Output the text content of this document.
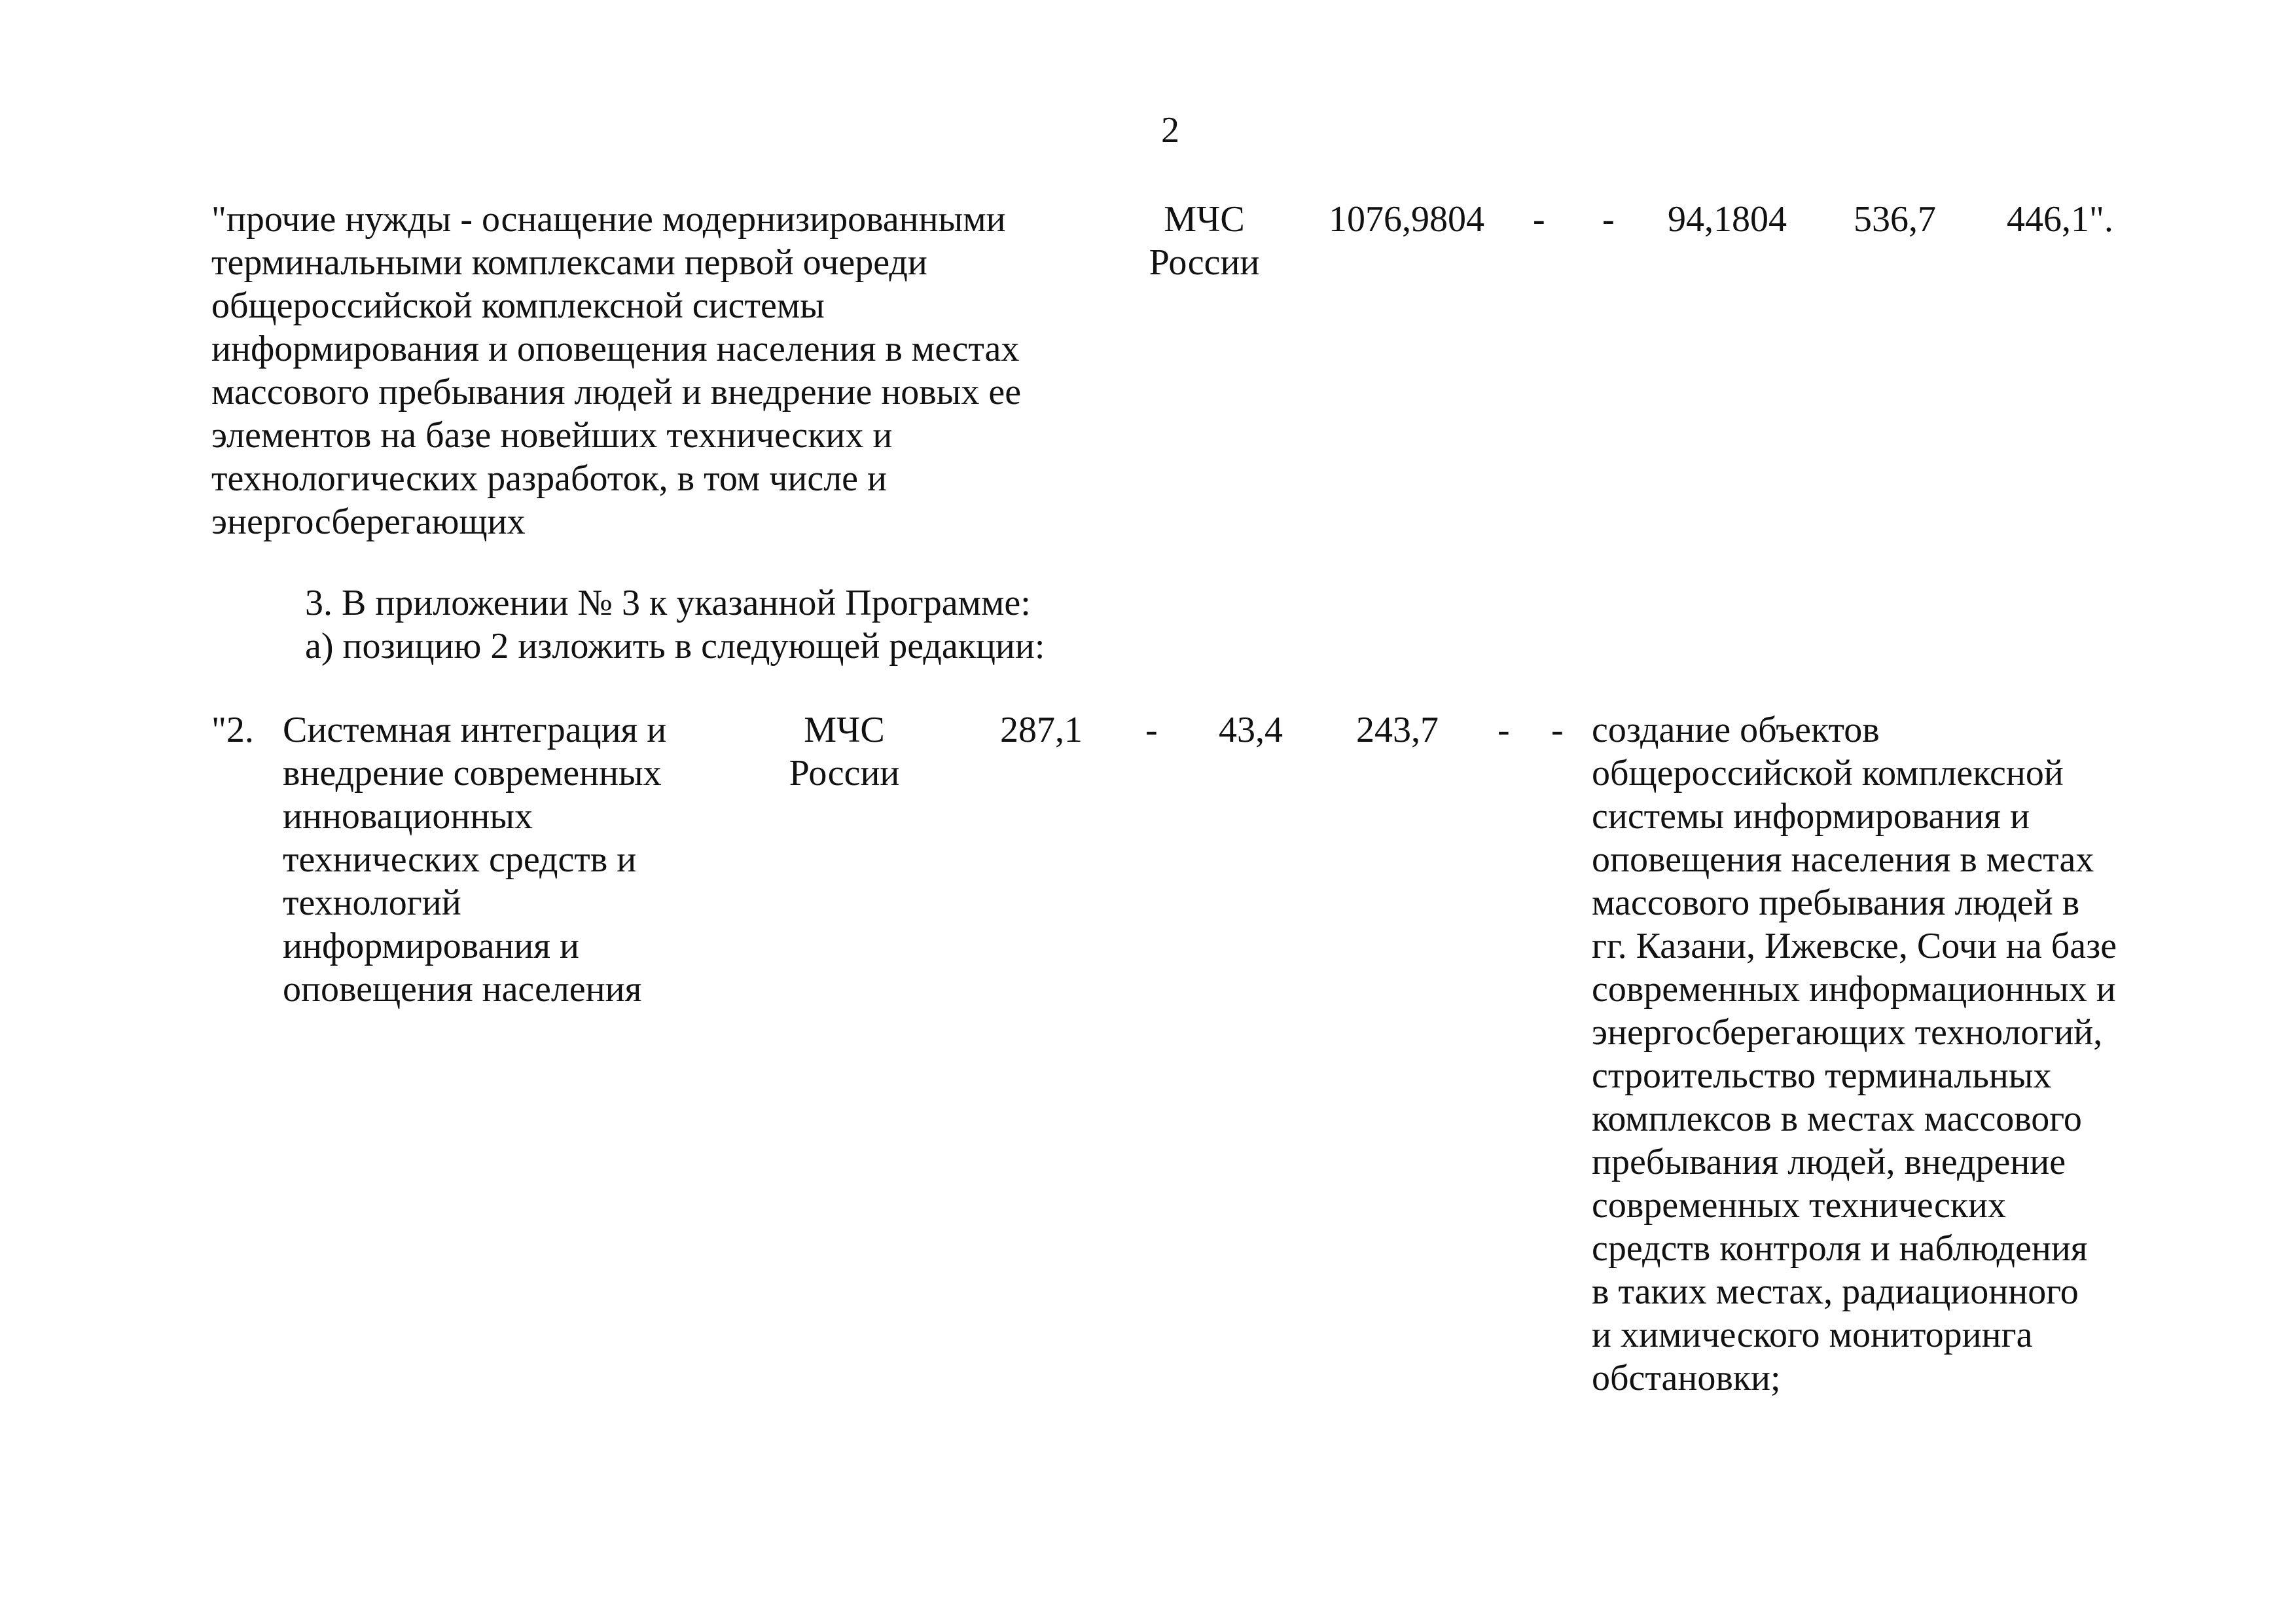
2
"прочие нужды - оснащение модернизированными
терминальными комплексами первой очереди
общероссийской комплексной системы
информирования и оповещения населения в местах
массового пребывания людей и внедрение новых ее
элементов на базе новейших технических и
технологических разработок, в том числе и
энергосберегающих
МЧС
России
1076,9804 - - 94,1804 536,7 446,1".
3. В приложении № 3 к указанной Программе:
а) позицию 2 изложить в следующей редакции:
"2. Системная интеграция и
внедрение современных
инновационных
технических средств и
технологий
информирования и
оповещения населения
МЧС
России
287,1 - 43,4 243,7 - - создание объектов
общероссийской комплексной
системы информирования и
оповещения населения в местах
массового пребывания людей в
гг. Казани, Ижевске, Сочи на базе
современных информационных и
энергосберегающих технологий,
строительство терминальных
комплексов в местах массового
пребывания людей, внедрение
современных технических
средств контроля и наблюдения
в таких местах, радиационного
и химического мониторинга
обстановки;
